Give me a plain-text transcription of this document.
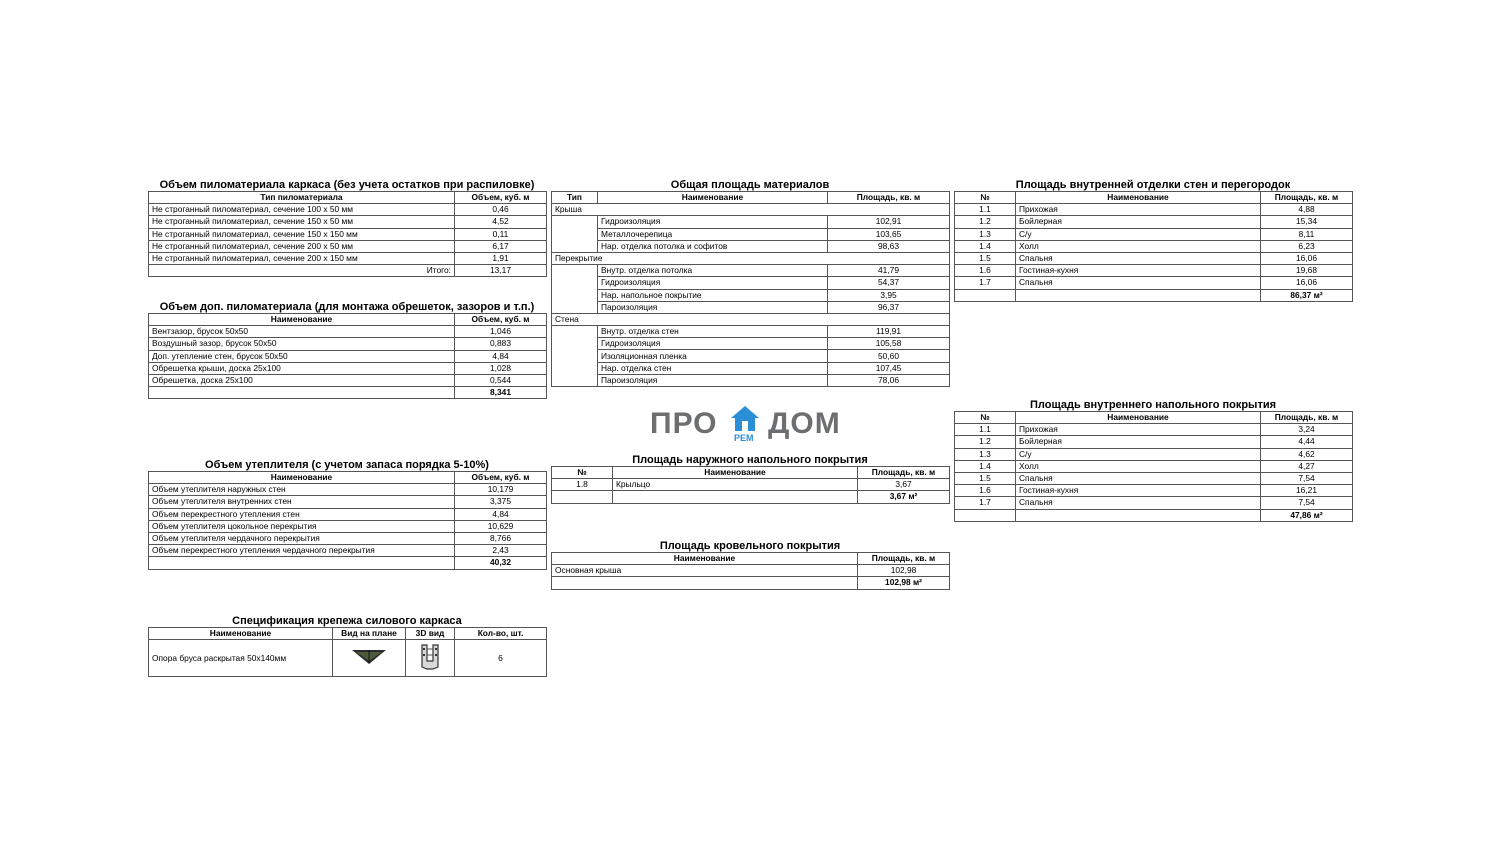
Объем пиломатериала каркаса (без учета остатков при распиловке)
Тип пиломатериала	Объем, куб. м
Не строганный пиломатериал, сечение 100 х 50 мм	0,46
Не строганный пиломатериал, сечение 150 х 50 мм	4,52
Не строганный пиломатериал, сечение 150 х 150 мм	0,11
Не строганный пиломатериал, сечение 200 х 50 мм	6,17
Не строганный пиломатериал, сечение 200 х 150 мм	1,91
Итого:	13,17
Объем доп. пиломатериала (для монтажа обрешеток, зазоров и т.п.)
Наименование	Объем, куб. м
Вентзазор, брусок 50х50	1,046
Воздушный зазор, брусок 50х50	0,883
Доп. утепление стен, брусок 50х50	4,84
Обрешетка крыши, доска 25х100	1,028
Обрешетка, доска 25х100	0,544
	8,341
Объем утеплителя (с учетом запаса порядка 5-10%)
Наименование	Объем, куб. м
Объем утеплителя наружных стен	10,179
Объем утеплителя внутренних стен	3,375
Объем перекрестного утепления стен	4,84
Объем утеплителя цокольное перекрытия	10,629
Объем утеплителя чердачного перекрытия	8,766
Объем перекрестного утепления чердачного перекрытия	2,43
	40,32
Спецификация крепежа силового каркаса
Наименование	Вид на плане	3D вид	Кол-во, шт.
Опора бруса раскрытая 50х140мм			6
Общая площадь материалов
Тип	Наименование	Площадь, кв. м
Крыша		
	Гидроизоляция	102,91
	Металлочерепица	103,65
	Нар. отделка потолка и софитов	98,63
Перекрытие		
	Внутр. отделка потолка	41,79
	Гидроизоляция	54,37
	Нар. напольное покрытие	3,95
	Пароизоляция	96,37
Стена		
	Внутр. отделка стен	119,91
	Гидроизоляция	105,58
	Изоляционная пленка	50,60
	Нар. отделка стен	107,45
	Пароизоляция	78,06
ПРО РЕМ ДОМ
Площадь наружного напольного покрытия
№	Наименование	Площадь, кв. м
1.8	Крыльцо	3,67
		3,67 м²
Площадь кровельного покрытия
Наименование	Площадь, кв. м
Основная крыша	102,98
	102,98 м²
Площадь внутренней отделки стен и перегородок
№	Наименование	Площадь, кв. м
1.1	Прихожая	4,88
1.2	Бойлерная	15,34
1.3	С/у	8,11
1.4	Холл	6,23
1.5	Спальня	16,06
1.6	Гостиная-кухня	19,68
1.7	Спальня	16,06
		86,37 м²
Площадь внутреннего напольного покрытия
№	Наименование	Площадь, кв. м
1.1	Прихожая	3,24
1.2	Бойлерная	4,44
1.3	С/у	4,62
1.4	Холл	4,27
1.5	Спальня	7,54
1.6	Гостиная-кухня	16,21
1.7	Спальня	7,54
		47,86 м²
